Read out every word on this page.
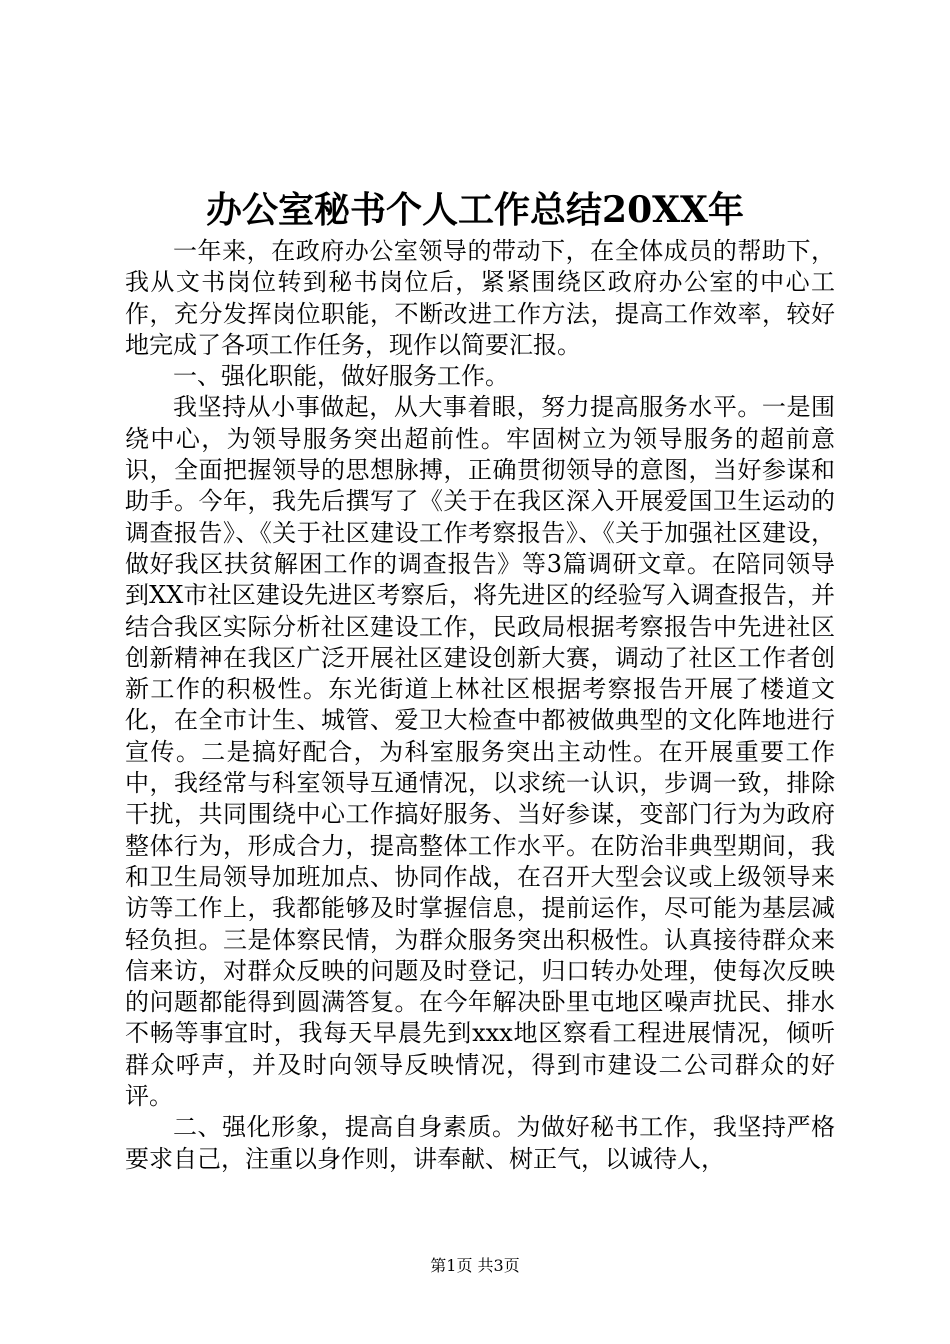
办公室秘书个人工作总结20XX年

一年来，在政府办公室领导的带动下，在全体成员的帮助下，我从文书岗位转到秘书岗位后，紧紧围绕区政府办公室的中心工作，充分发挥岗位职能，不断改进工作方法，提高工作效率，较好地完成了各项工作任务，现作以简要汇报。

一、强化职能，做好服务工作。

我坚持从小事做起，从大事着眼，努力提高服务水平。一是围绕中心，为领导服务突出超前性。牢固树立为领导服务的超前意识，全面把握领导的思想脉搏，正确贯彻领导的意图，当好参谋和助手。今年，我先后撰写了《关于在我区深入开展爱国卫生运动的调查报告》、《关于社区建设工作考察报告》、《关于加强社区建设，做好我区扶贫解困工作的调查报告》等3篇调研文章。在陪同领导到XX市社区建设先进区考察后，将先进区的经验写入调查报告，并结合我区实际分析社区建设工作，民政局根据考察报告中先进社区创新精神在我区广泛开展社区建设创新大赛，调动了社区工作者创新工作的积极性。东光街道上林社区根据考察报告开展了楼道文化，在全市计生、城管、爱卫大检查中都被做典型的文化阵地进行宣传。二是搞好配合，为科室服务突出主动性。在开展重要工作中，我经常与科室领导互通情况，以求统一认识，步调一致，排除干扰，共同围绕中心工作搞好服务、当好参谋，变部门行为为政府整体行为，形成合力，提高整体工作水平。在防治非典型期间，我和卫生局领导加班加点、协同作战，在召开大型会议或上级领导来访等工作上，我都能够及时掌握信息，提前运作，尽可能为基层减轻负担。三是体察民情，为群众服务突出积极性。认真接待群众来信来访，对群众反映的问题及时登记，归口转办处理，使每次反映的问题都能得到圆满答复。在今年解决卧里屯地区噪声扰民、排水不畅等事宜时，我每天早晨先到xxx地区察看工程进展情况，倾听群众呼声，并及时向领导反映情况，得到市建设二公司群众的好评。

二、强化形象，提高自身素质。为做好秘书工作，我坚持严格要求自己，注重以身作则，讲奉献、树正气，以诚待人，

第1页 共3页
